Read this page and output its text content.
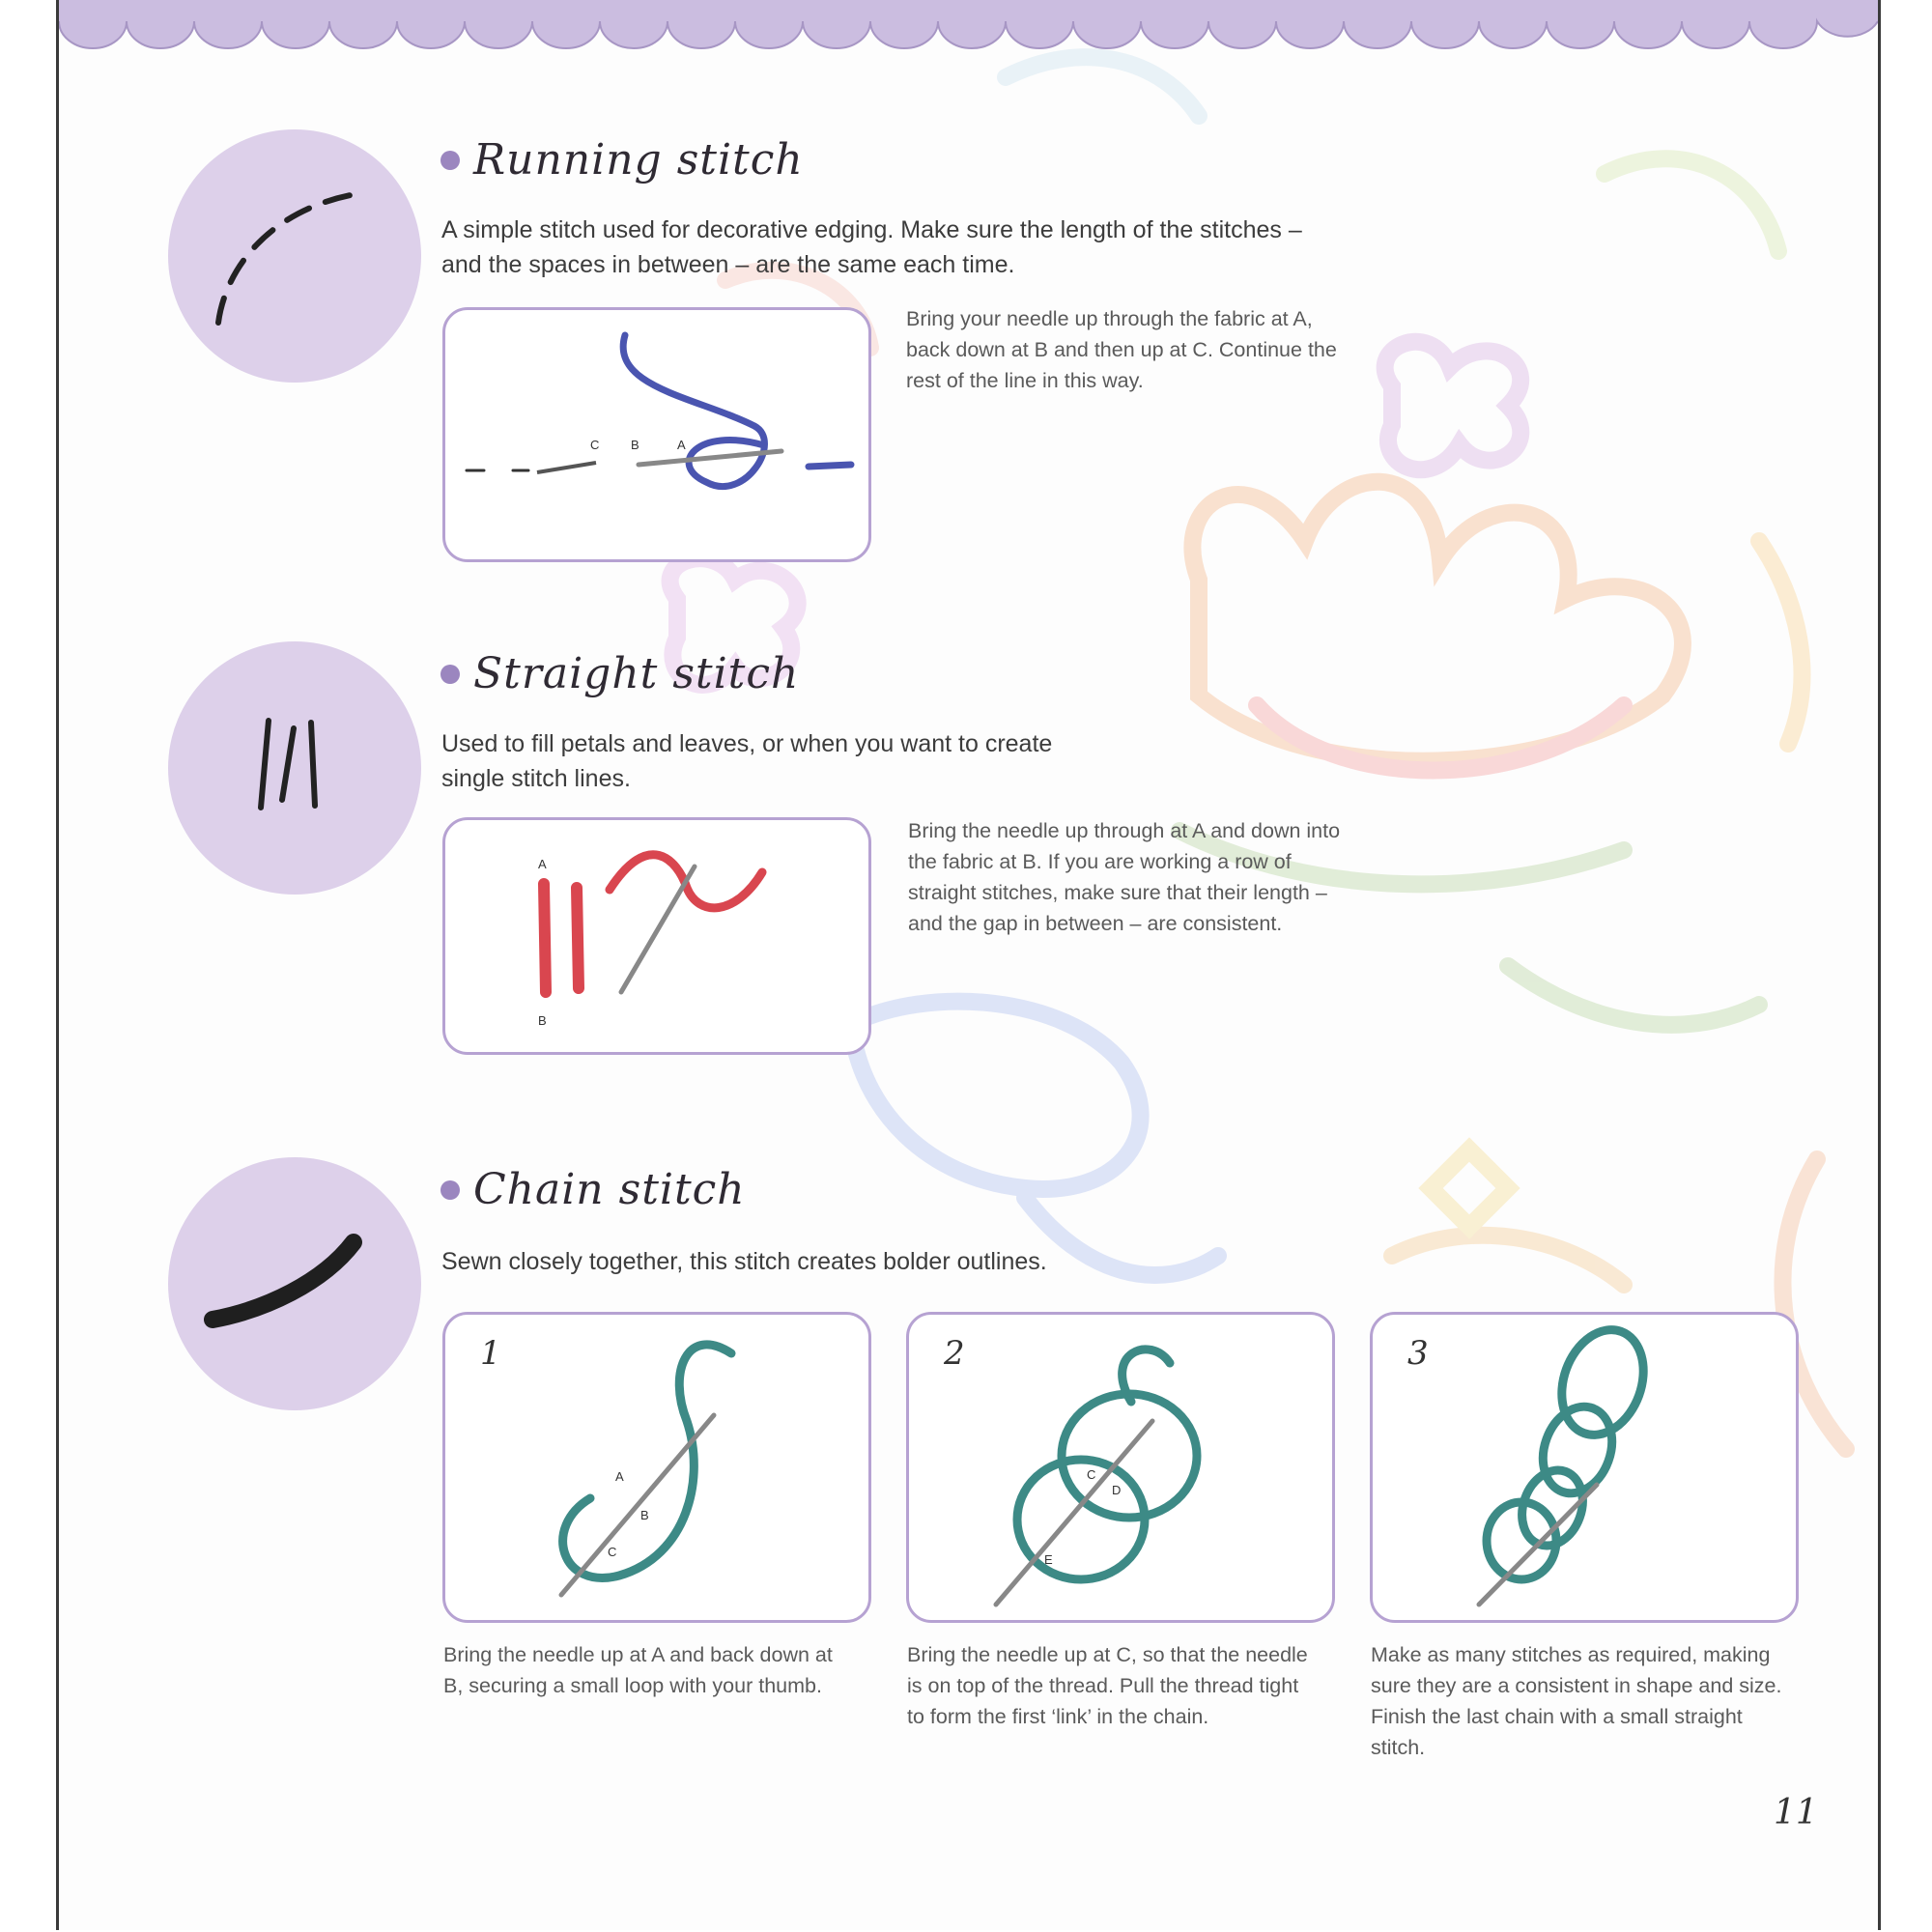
Running stitch
A simple stitch used for decorative edging. Make sure the length of the stitches – and the spaces in between – are the same each time.
C	B	A
Bring your needle up through the fabric at A, back down at B and then up at C. Continue the rest of the line in this way.
Straight stitch
Used to fill petals and leaves, or when you want to create single stitch lines.
A
B
Bring the needle up through at A and down into the fabric at B. If you are working a row of straight stitches, make sure that their length – and the gap in between – are consistent.
Chain stitch
Sewn closely together, this stitch creates bolder outlines.
1
A
B
C
2
C
D
E
3
Bring the needle up at A and back down at B, securing a small loop with your thumb.
Bring the needle up at C, so that the needle is on top of the thread. Pull the thread tight to form the first ‘link’ in the chain.
Make as many stitches as required, making sure they are a consistent in shape and size. Finish the last chain with a small straight stitch.
11
